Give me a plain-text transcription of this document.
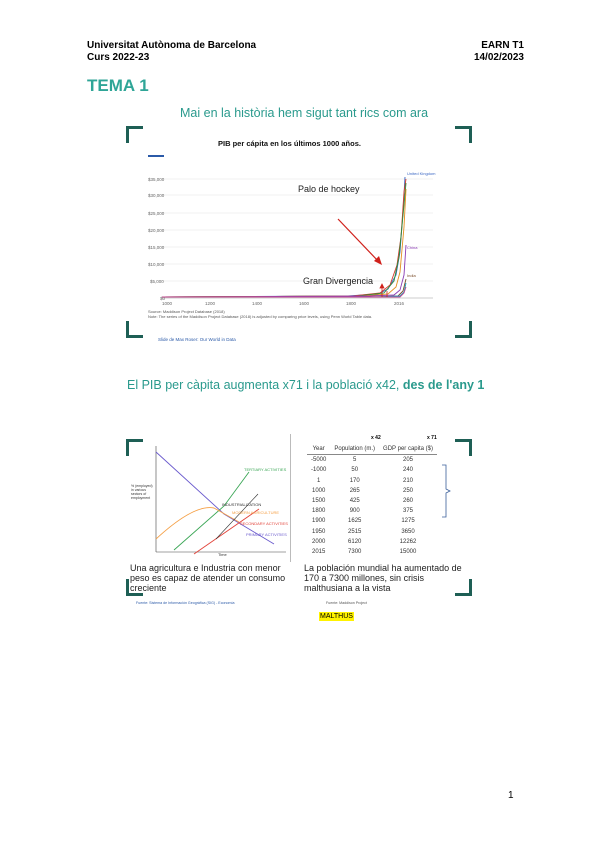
Universitat Autònoma de Barcelona
Curs 2022-23
EARN T1
14/02/2023
TEMA 1
Mai en la història hem sigut tant rics com ara
PIB per cápita en los últimos 1000 años.
$35,000
$30,000
$25,000
$20,000
$15,000
$10,000
$5,000
$0
1000	1200	1400	1600	1800	2016
United Kingdom
China
India
Palo de hockey
Gran Divergencia
Source: Maddison Project Database (2018)
Note: The series of the Maddison Project Database (2018) is adjusted by comparing price levels, using Penn World Table data.
Slide de Max Roser: Our World in Data
El PIB per càpita augmenta x71 i la població x42, des de l'any 1
% (employed) in various sectors of employment
TERTIARY ACTIVITIES
INDUSTRIALIZATION
MODERN AGRICULTURE
SECONDARY ACTIVITIES
PRIMARY ACTIVITIES
Time
x 42	x 71
Year	Population (m.)	GDP per capita ($)
-5000	5	205
-1000	50	240
1	170	210
1000	265	250
1500	425	260
1800	900	375
1900	1625	1275
1950	2515	3650
2000	6120	12262
2015	7300	15000
Una agricultura e Industria con menor peso es capaz de atender un consumo creciente
La población mundial ha aumentado de 170 a 7300 millones, sin crisis malthusiana a la vista
Fuente: Sistema de Información Geográfica (SIG) - Economía	Fuente: Maddison Project
MALTHUS
1
